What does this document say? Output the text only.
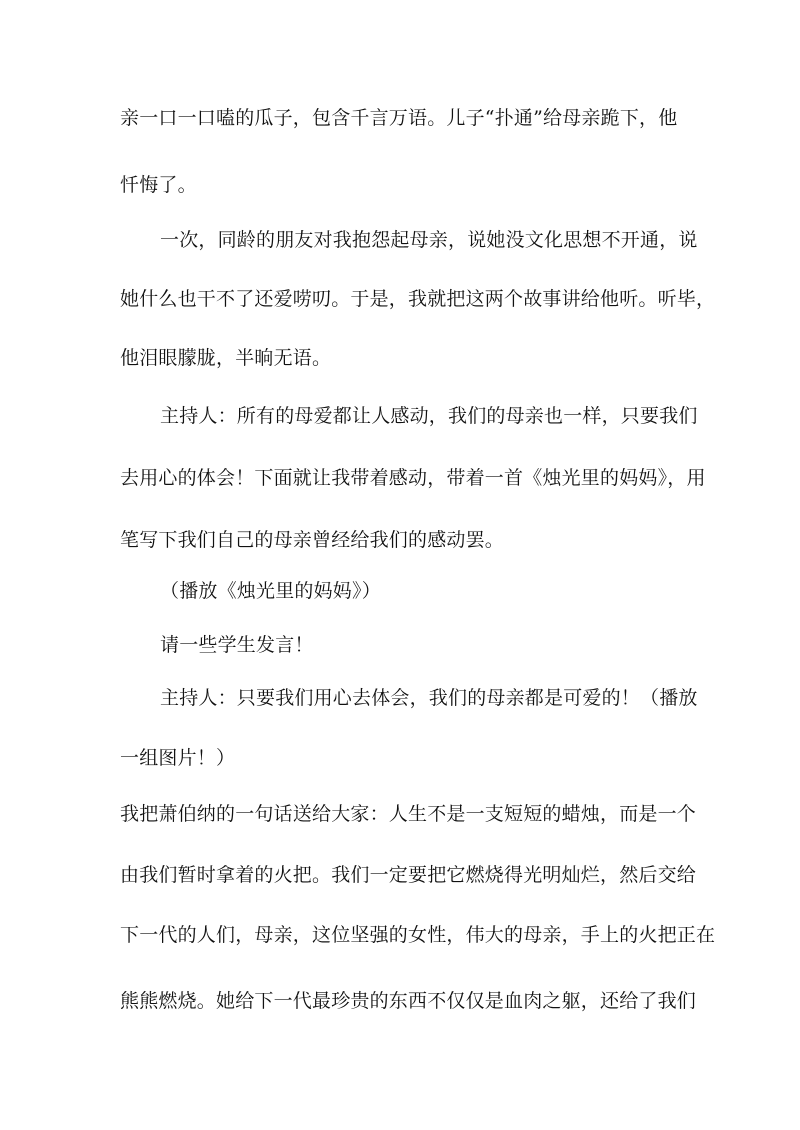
亲一口一口嗑的瓜子，包含千言万语。儿子“扑通”给母亲跪下，他
忏悔了。
一次，同龄的朋友对我抱怨起母亲，说她没文化思想不开通，说
她什么也干不了还爱唠叨。于是，我就把这两个故事讲给他听。听毕，
他泪眼朦胧，半晌无语。
主持人：所有的母爱都让人感动，我们的母亲也一样，只要我们
去用心的体会！下面就让我带着感动，带着一首《烛光里的妈妈》，用
笔写下我们自己的母亲曾经给我们的感动罢。
（播放《烛光里的妈妈》）
请一些学生发言！
主持人：只要我们用心去体会，我们的母亲都是可爱的！（播放
一组图片！）
我把萧伯纳的一句话送给大家：人生不是一支短短的蜡烛，而是一个
由我们暂时拿着的火把。我们一定要把它燃烧得光明灿烂，然后交给
下一代的人们，母亲，这位坚强的女性，伟大的母亲，手上的火把正在
熊熊燃烧。她给下一代最珍贵的东西不仅仅是血肉之躯，还给了我们
